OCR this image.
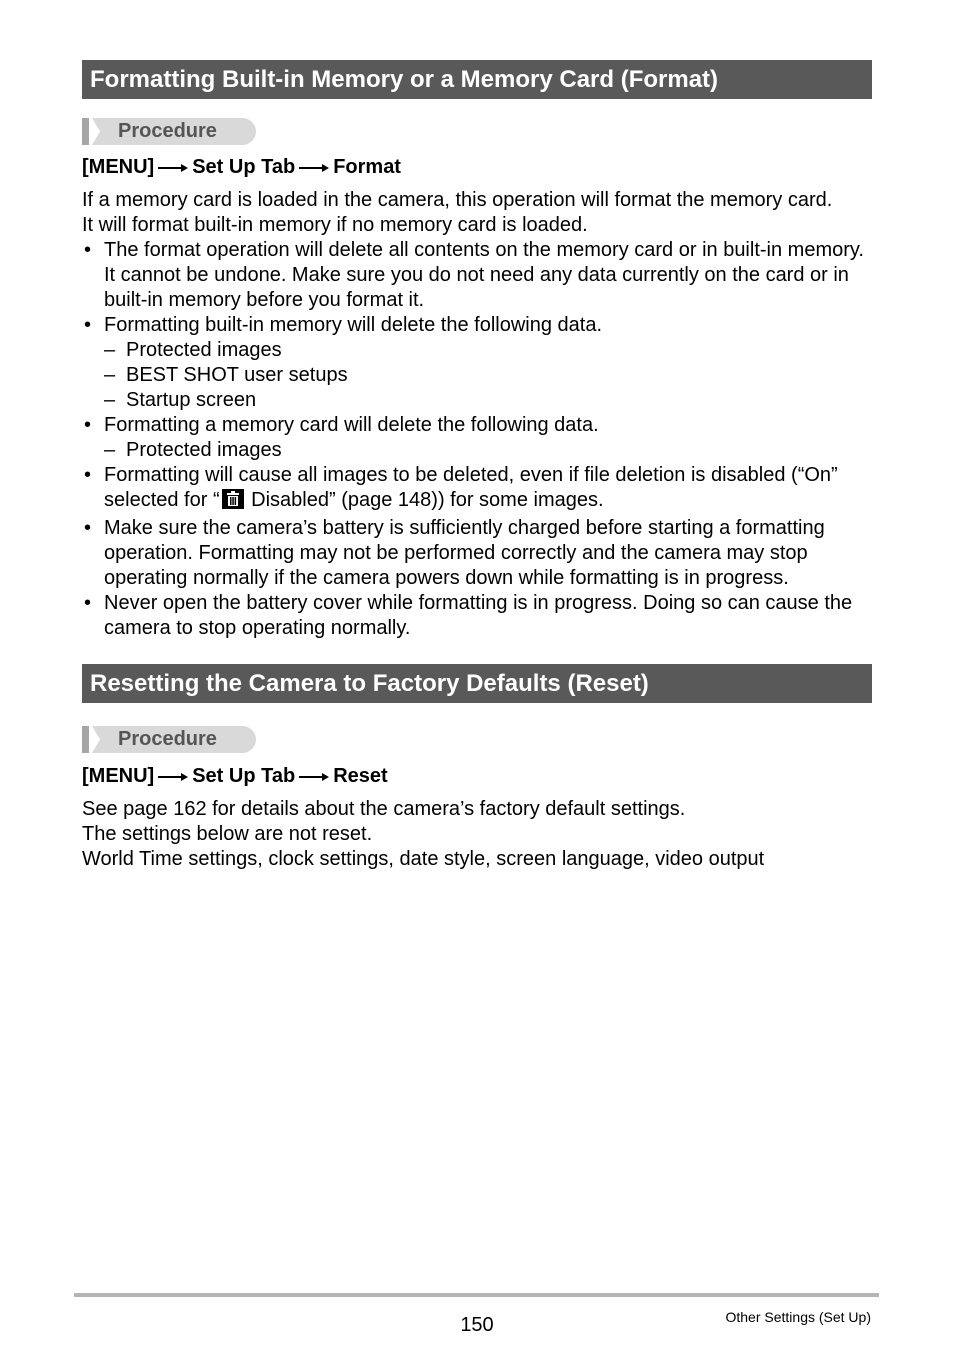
Formatting Built-in Memory or a Memory Card (Format)
Procedure
[MENU] Set Up Tab Format

If a memory card is loaded in the camera, this operation will format the memory card.

It will format built-in memory if no memory card is loaded.

• The format operation will delete all contents on the memory card or in built-in memory. It cannot be undone. Make sure you do not need any data currently on the card or in built-in memory before you format it.
• Formatting built-in memory will delete the following data.
– Protected images
– BEST SHOT user setups
– Startup screen
• Formatting a memory card will delete the following data.
– Protected images
• Formatting will cause all images to be deleted, even if file deletion is disabled (“On” selected for “ Disabled” (page 148)) for some images.
• Make sure the camera’s battery is sufficiently charged before starting a formatting operation. Formatting may not be performed correctly and the camera may stop operating normally if the camera powers down while formatting is in progress.
• Never open the battery cover while formatting is in progress. Doing so can cause the camera to stop operating normally.
Resetting the Camera to Factory Defaults (Reset)
Procedure
[MENU] Set Up Tab Reset

See page 162 for details about the camera’s factory default settings.

The settings below are not reset.

World Time settings, clock settings, date style, screen language, video output

150	Other Settings (Set Up)
